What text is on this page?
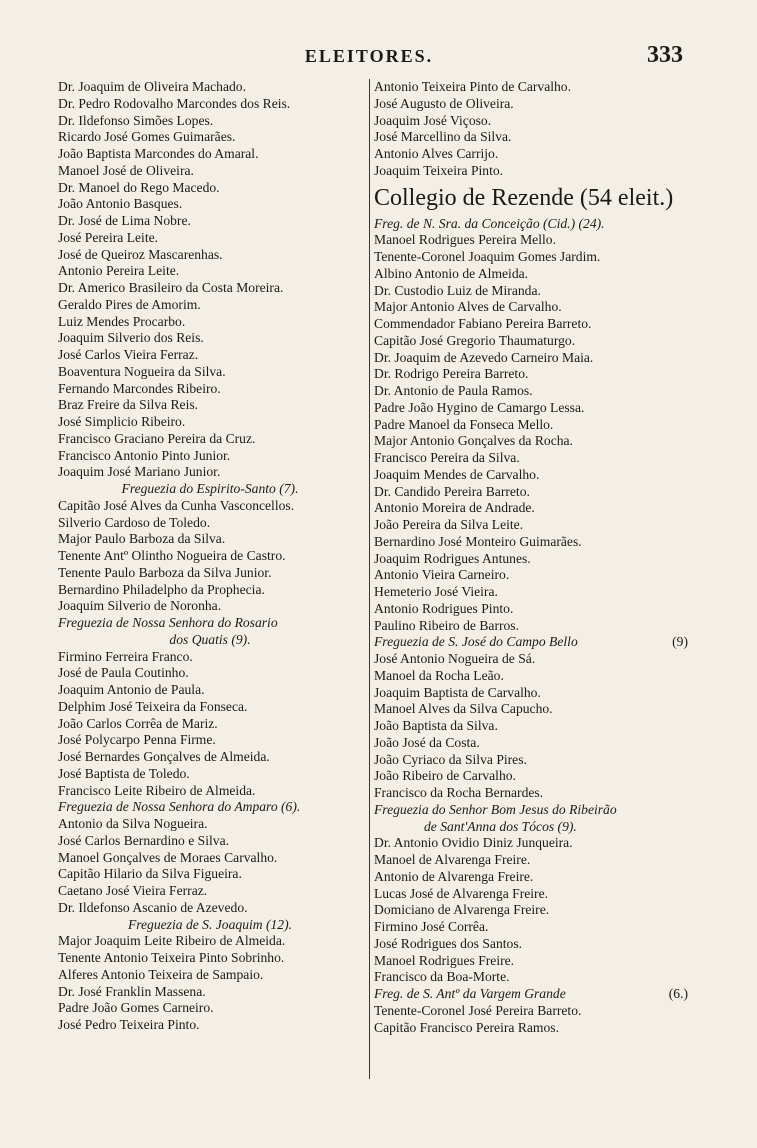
ELEITORES.	333
Dr. Joaquim de Oliveira Machado.
Dr. Pedro Rodovalho Marcondes dos Reis.
Dr. Ildefonso Simões Lopes.
Ricardo José Gomes Guimarães.
João Baptista Marcondes do Amaral.
Manoel José de Oliveira.
Dr. Manoel do Rego Macedo.
João Antonio Basques.
Dr. José de Lima Nobre.
José Pereira Leite.
José de Queiroz Mascarenhas.
Antonio Pereira Leite.
Dr. Americo Brasileiro da Costa Moreira.
Geraldo Pires de Amorim.
Luiz Mendes Procarbo.
Joaquim Silverio dos Reis.
José Carlos Vieira Ferraz.
Boaventura Nogueira da Silva.
Fernando Marcondes Ribeiro.
Braz Freire da Silva Reis.
José Simplicio Ribeiro.
Francisco Graciano Pereira da Cruz.
Francisco Antonio Pinto Junior.
Joaquim José Mariano Junior.
Freguezia do Espirito-Santo (7).
Capitão José Alves da Cunha Vasconcellos.
Silverio Cardoso de Toledo.
Major Paulo Barboza da Silva.
Tenente Antº Olintho Nogueira de Castro.
Tenente Paulo Barboza da Silva Junior.
Bernardino Philadelpho da Prophecia.
Joaquim Silverio de Noronha.
Freguezia de Nossa Senhora do Rosario
dos Quatis (9).
Firmino Ferreira Franco.
José de Paula Coutinho.
Joaquim Antonio de Paula.
Delphim José Teixeira da Fonseca.
João Carlos Corrêa de Mariz.
José Polycarpo Penna Firme.
José Bernardes Gonçalves de Almeida.
José Baptista de Toledo.
Francisco Leite Ribeiro de Almeida.
Freguezia de Nossa Senhora do Amparo (6).
Antonio da Silva Nogueira.
José Carlos Bernardino e Silva.
Manoel Gonçalves de Moraes Carvalho.
Capitão Hilario da Silva Figueira.
Caetano José Vieira Ferraz.
Dr. Ildefonso Ascanio de Azevedo.
Freguezia de S. Joaquim (12).
Major Joaquim Leite Ribeiro de Almeida.
Tenente Antonio Teixeira Pinto Sobrinho.
Alferes Antonio Teixeira de Sampaio.
Dr. José Franklin Massena.
Padre João Gomes Carneiro.
José Pedro Teixeira Pinto.
Antonio Teixeira Pinto de Carvalho.
José Augusto de Oliveira.
Joaquim José Viçoso.
José Marcellino da Silva.
Antonio Alves Carrijo.
Joaquim Teixeira Pinto.
Collegio de Rezende (54 eleit.)
Freg. de N. Sra. da Conceição (Cid.) (24).
Manoel Rodrigues Pereira Mello.
Tenente-Coronel Joaquim Gomes Jardim.
Albino Antonio de Almeida.
Dr. Custodio Luiz de Miranda.
Major Antonio Alves de Carvalho.
Commendador Fabiano Pereira Barreto.
Capitão José Gregorio Thaumaturgo.
Dr. Joaquim de Azevedo Carneiro Maia.
Dr. Rodrigo Pereira Barreto.
Dr. Antonio de Paula Ramos.
Padre João Hygino de Camargo Lessa.
Padre Manoel da Fonseca Mello.
Major Antonio Gonçalves da Rocha.
Francisco Pereira da Silva.
Joaquim Mendes de Carvalho.
Dr. Candido Pereira Barreto.
Antonio Moreira de Andrade.
João Pereira da Silva Leite.
Bernardino José Monteiro Guimarães.
Joaquim Rodrigues Antunes.
Antonio Vieira Carneiro.
Hemeterio José Vieira.
Antonio Rodrigues Pinto.
Paulino Ribeiro de Barros.
Freguezia de S. José do Campo Bello	(9)
José Antonio Nogueira de Sá.
Manoel da Rocha Leão.
Joaquim Baptista de Carvalho.
Manoel Alves da Silva Capucho.
João Baptista da Silva.
João José da Costa.
João Cyriaco da Silva Pires.
João Ribeiro de Carvalho.
Francisco da Rocha Bernardes.
Freguezia do Senhor Bom Jesus do Ribeirão
de Sant'Anna dos Tócos (9).
Dr. Antonio Ovidio Diniz Junqueira.
Manoel de Alvarenga Freire.
Antonio de Alvarenga Freire.
Lucas José de Alvarenga Freire.
Domiciano de Alvarenga Freire.
Firmino José Corrêa.
José Rodrigues dos Santos.
Manoel Rodrigues Freire.
Francisco da Boa-Morte.
Freg. de S. Antº da Vargem Grande	(6.)
Tenente-Coronel José Pereira Barreto.
Capitão Francisco Pereira Ramos.
